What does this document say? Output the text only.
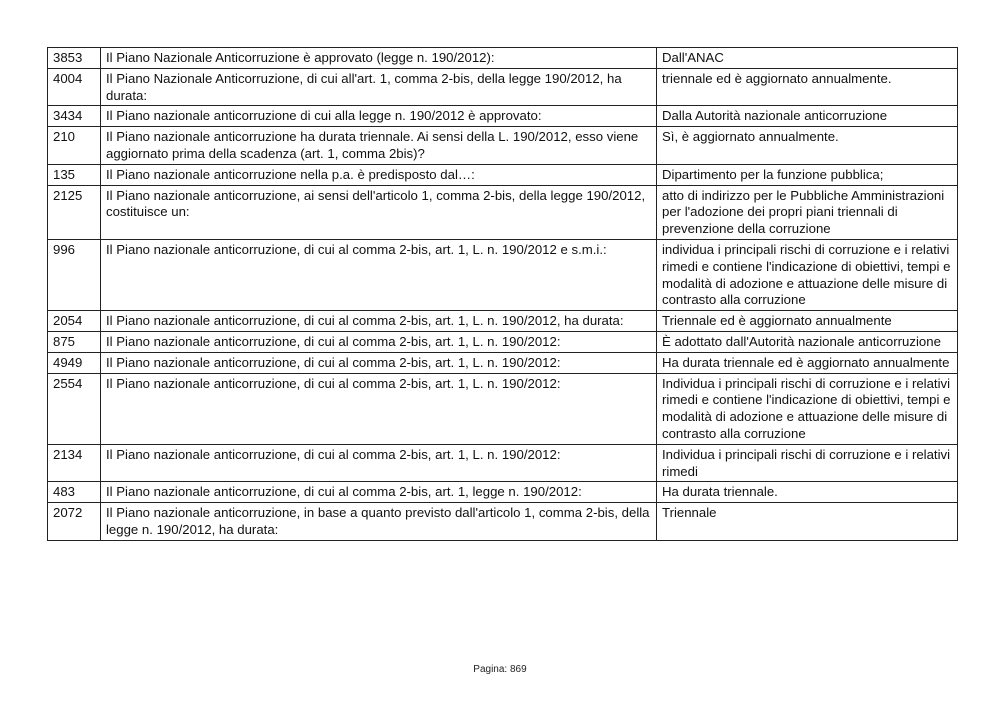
3853	Il Piano Nazionale Anticorruzione è approvato (legge n. 190/2012):	Dall'ANAC
4004	Il Piano Nazionale Anticorruzione, di cui all'art. 1, comma 2-bis, della legge 190/2012, ha durata:	triennale ed è aggiornato annualmente.
3434	Il Piano nazionale anticorruzione di cui alla legge n. 190/2012 è approvato:	Dalla Autorità nazionale anticorruzione
210	Il Piano nazionale anticorruzione ha durata triennale. Ai sensi della L. 190/2012, esso viene aggiornato prima della scadenza (art. 1, comma 2bis)?	Sì, è aggiornato annualmente.
135	Il Piano nazionale anticorruzione nella p.a. è predisposto dal…:	Dipartimento per la funzione pubblica;
2125	Il Piano nazionale anticorruzione, ai sensi dell'articolo 1, comma 2-bis, della legge 190/2012, costituisce un:	atto di indirizzo per le Pubbliche Amministrazioni per l'adozione dei propri piani triennali di prevenzione della corruzione
996	Il Piano nazionale anticorruzione, di cui al comma 2-bis, art. 1, L. n. 190/2012 e s.m.i.:	individua i principali rischi di corruzione e i relativi rimedi e contiene l'indicazione di obiettivi, tempi e modalità di adozione e attuazione delle misure di contrasto alla corruzione
2054	Il Piano nazionale anticorruzione, di cui al comma 2-bis, art. 1, L. n. 190/2012, ha durata:	Triennale ed è aggiornato annualmente
875	Il Piano nazionale anticorruzione, di cui al comma 2-bis, art. 1, L. n. 190/2012:	È adottato dall'Autorità nazionale anticorruzione
4949	Il Piano nazionale anticorruzione, di cui al comma 2-bis, art. 1, L. n. 190/2012:	Ha durata triennale ed è aggiornato annualmente
2554	Il Piano nazionale anticorruzione, di cui al comma 2-bis, art. 1, L. n. 190/2012:	Individua i principali rischi di corruzione e i relativi rimedi e contiene l'indicazione di obiettivi, tempi e modalità di adozione e attuazione delle misure di contrasto alla corruzione
2134	Il Piano nazionale anticorruzione, di cui al comma 2-bis, art. 1, L. n. 190/2012:	Individua i principali rischi di corruzione e i relativi rimedi
483	Il Piano nazionale anticorruzione, di cui al comma 2-bis, art. 1, legge n. 190/2012:	Ha durata triennale.
2072	Il Piano nazionale anticorruzione, in base a quanto previsto dall'articolo 1, comma 2-bis, della legge n. 190/2012, ha durata:	Triennale
Pagina: 869
